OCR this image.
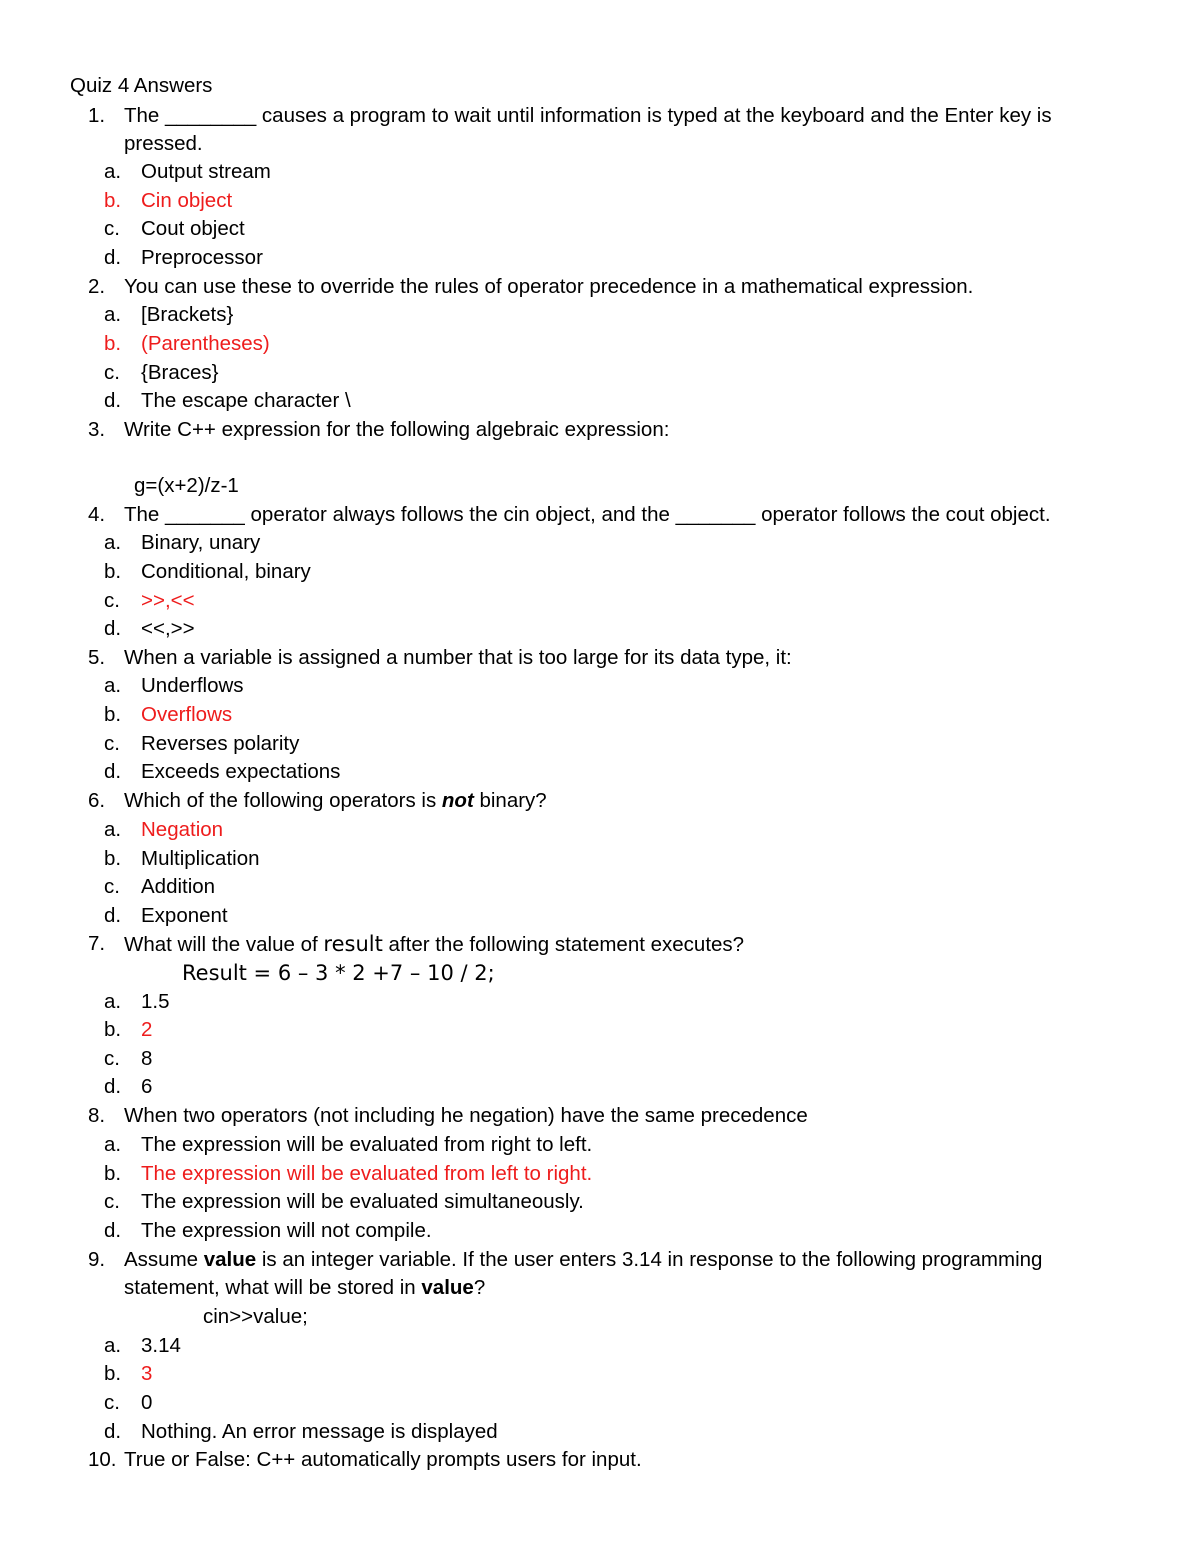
Quiz 4 Answers
1. The ________ causes a program to wait until information is typed at the keyboard and the Enter key is
pressed.
a. Output stream
b. Cin object
c. Cout object
d. Preprocessor
2. You can use these to override the rules of operator precedence in a mathematical expression.
a. [Brackets}
b. (Parentheses)
c. {Braces}
d. The escape character \
3. Write C++ expression for the following algebraic expression:
g=(x+2)/z-1
4. The _______ operator always follows the cin object, and the _______ operator follows the cout object.
a. Binary, unary
b. Conditional, binary
c. >>,<<
d. <<,>>
5. When a variable is assigned a number that is too large for its data type, it:
a. Underflows
b. Overflows
c. Reverses polarity
d. Exceeds expectations
6. Which of the following operators is not binary?
a. Negation
b. Multiplication
c. Addition
d. Exponent
7. What will the value of result after the following statement executes?
Result = 6 – 3 * 2 +7 – 10 / 2;
a. 1.5
b. 2
c. 8
d. 6
8. When two operators (not including he negation) have the same precedence
a. The expression will be evaluated from right to left.
b. The expression will be evaluated from left to right.
c. The expression will be evaluated simultaneously.
d. The expression will not compile.
9. Assume value is an integer variable. If the user enters 3.14 in response to the following programming
statement, what will be stored in value?
cin>>value;
a. 3.14
b. 3
c. 0
d. Nothing. An error message is displayed
10. True or False: C++ automatically prompts users for input.
